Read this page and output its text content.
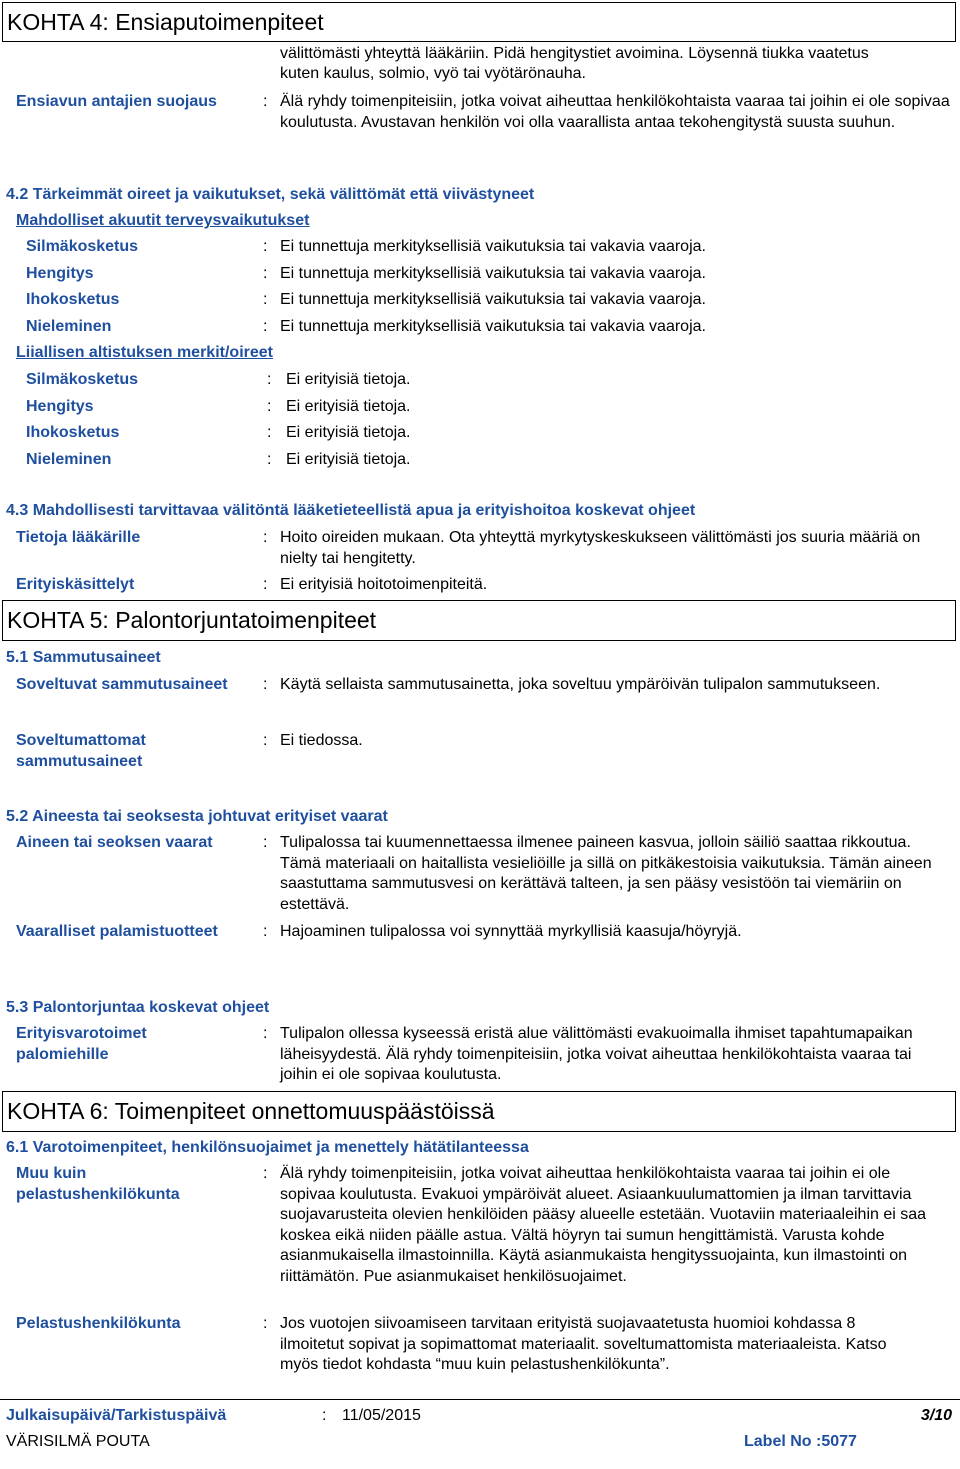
KOHTA 4: Ensiaputoimenpiteet
välittömästi yhteyttä lääkäriin. Pidä hengitystiet avoimina. Löysennä tiukka vaatetus
kuten kaulus, solmio, vyö tai vyötärönauha.
Ensiavun antajien suojaus	: Älä ryhdy toimenpiteisiin, jotka voivat aiheuttaa henkilökohtaista vaaraa tai joihin ei ole sopivaa koulutusta. Avustavan henkilön voi olla vaarallista antaa tekohengitystä suusta suuhun.
4.2 Tärkeimmät oireet ja vaikutukset, sekä välittömät että viivästyneet
Mahdolliset akuutit terveysvaikutukset
Silmäkosketus	: Ei tunnettuja merkityksellisiä vaikutuksia tai vakavia vaaroja.
Hengitys	: Ei tunnettuja merkityksellisiä vaikutuksia tai vakavia vaaroja.
Ihokosketus	: Ei tunnettuja merkityksellisiä vaikutuksia tai vakavia vaaroja.
Nieleminen	: Ei tunnettuja merkityksellisiä vaikutuksia tai vakavia vaaroja.
Liiallisen altistuksen merkit/oireet
Silmäkosketus	: Ei erityisiä tietoja.
Hengitys	: Ei erityisiä tietoja.
Ihokosketus	: Ei erityisiä tietoja.
Nieleminen	: Ei erityisiä tietoja.
4.3 Mahdollisesti tarvittavaa välitöntä lääketieteellistä apua ja erityishoitoa koskevat ohjeet
Tietoja lääkärille	: Hoito oireiden mukaan. Ota yhteyttä myrkytyskeskukseen välittömästi jos suuria määriä on nielty tai hengitetty.
Erityiskäsittelyt	: Ei erityisiä hoitotoimenpiteitä.
KOHTA 5: Palontorjuntatoimenpiteet
5.1 Sammutusaineet
Soveltuvat sammutusaineet	: Käytä sellaista sammutusainetta, joka soveltuu ympäröivän tulipalon sammutukseen.
Soveltumattomat sammutusaineet
: Ei tiedossa.
5.2 Aineesta tai seoksesta johtuvat erityiset vaarat
Aineen tai seoksen vaarat	: Tulipalossa tai kuumennettaessa ilmenee paineen kasvua, jolloin säiliö saattaa rikkoutua. Tämä materiaali on haitallista vesieliöille ja sillä on pitkäkestoisia vaikutuksia. Tämän aineen saastuttama sammutusvesi on kerättävä talteen, ja sen pääsy vesistöön tai viemäriin on estettävä.
Vaaralliset palamistuotteet	: Hajoaminen tulipalossa voi synnyttää myrkyllisiä kaasuja/höyryjä.
5.3 Palontorjuntaa koskevat ohjeet
Erityisvarotoimet palomiehille
: Tulipalon ollessa kyseessä eristä alue välittömästi evakuoimalla ihmiset tapahtumapaikan läheisyydestä. Älä ryhdy toimenpiteisiin, jotka voivat aiheuttaa henkilökohtaista vaaraa tai joihin ei ole sopivaa koulutusta.
KOHTA 6: Toimenpiteet onnettomuuspäästöissä
6.1 Varotoimenpiteet, henkilönsuojaimet ja menettely hätätilanteessa
Muu kuin pelastushenkilökunta
: Älä ryhdy toimenpiteisiin, jotka voivat aiheuttaa henkilökohtaista vaaraa tai joihin ei ole sopivaa koulutusta. Evakuoi ympäröivät alueet. Asiaankuulumattomien ja ilman tarvittavia suojavarusteita olevien henkilöiden pääsy alueelle estetään. Vuotaviin materiaaleihin ei saa koskea eikä niiden päälle astua. Vältä höyryn tai sumun hengittämistä. Varusta kohde asianmukaisella ilmastoinnilla. Käytä asianmukaista hengityssuojainta, kun ilmastointi on riittämätön. Pue asianmukaiset henkilösuojaimet.
Pelastushenkilökunta	: Jos vuotojen siivoamiseen tarvitaan erityistä suojavaatetusta huomioi kohdassa 8 ilmoitetut sopivat ja sopimattomat materiaalit. soveltumattomista materiaaleista. Katso myös tiedot kohdasta “muu kuin pelastushenkilökunta”.
Julkaisupäivä/Tarkistuspäivä	: 11/05/2015	3/10
VÄRISILMÄ POUTA	Label No :5077
